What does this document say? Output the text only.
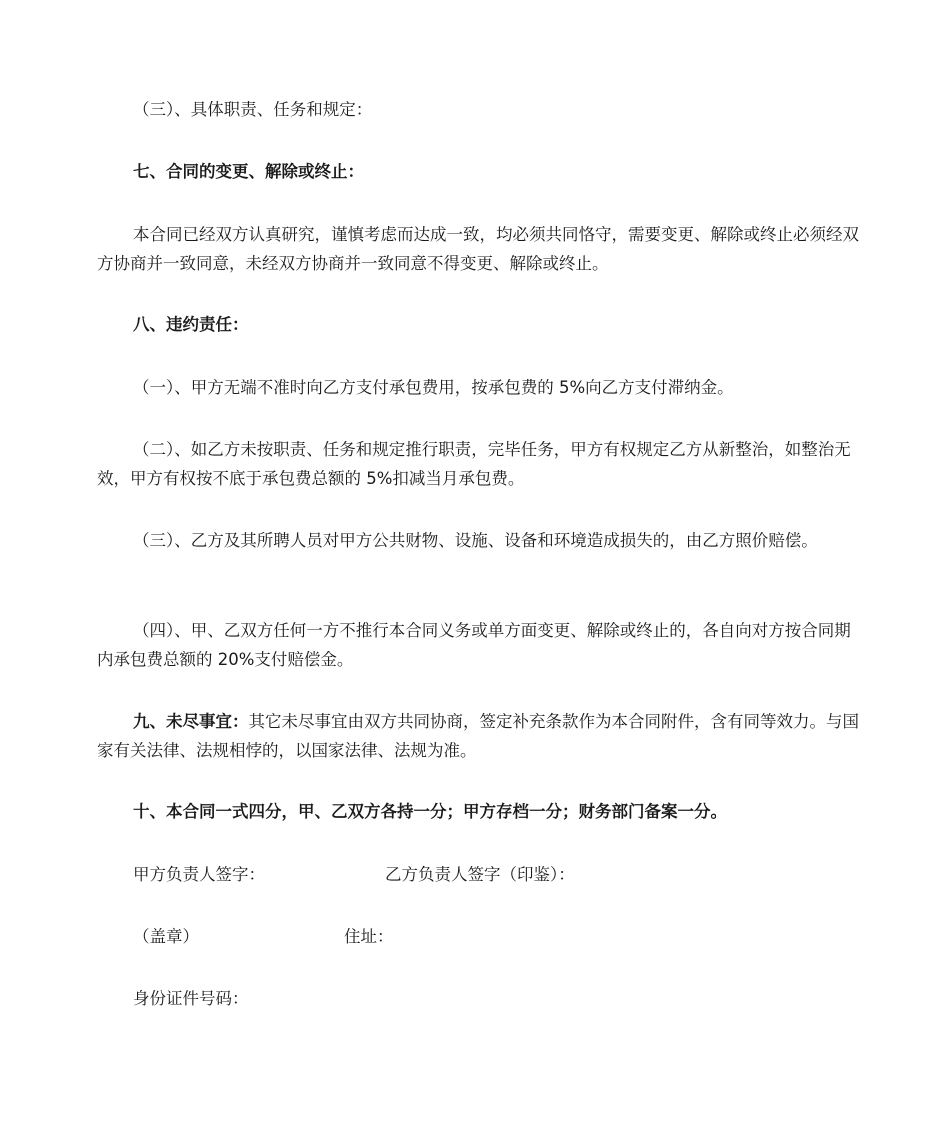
（三）、具体职责、任务和规定：

七、合同的变更、解除或终止：

本合同已经双方认真研究，谨慎考虑而达成一致，均必须共同恪守，需要变更、解除或终止必须经双方协商并一致同意，未经双方协商并一致同意不得变更、解除或终止。

八、违约责任：

（一）、甲方无端不准时向乙方支付承包费用，按承包费的 5%向乙方支付滞纳金。

（二）、如乙方未按职责、任务和规定推行职责，完毕任务，甲方有权规定乙方从新整治，如整治无效，甲方有权按不底于承包费总额的 5%扣减当月承包费。

（三）、乙方及其所聘人员对甲方公共财物、设施、设备和环境造成损失的，由乙方照价赔偿。

（四）、甲、乙双方任何一方不推行本合同义务或单方面变更、解除或终止的，各自向对方按合同期内承包费总额的 20%支付赔偿金。

九、未尽事宜：其它未尽事宜由双方共同协商，签定补充条款作为本合同附件，含有同等效力。与国家有关法律、法规相悖的，以国家法律、法规为准。

十、本合同一式四分，甲、乙双方各持一分；甲方存档一分；财务部门备案一分。

甲方负责人签字：	乙方负责人签字（印鉴）：
（盖章）	住址：
身份证件号码：
